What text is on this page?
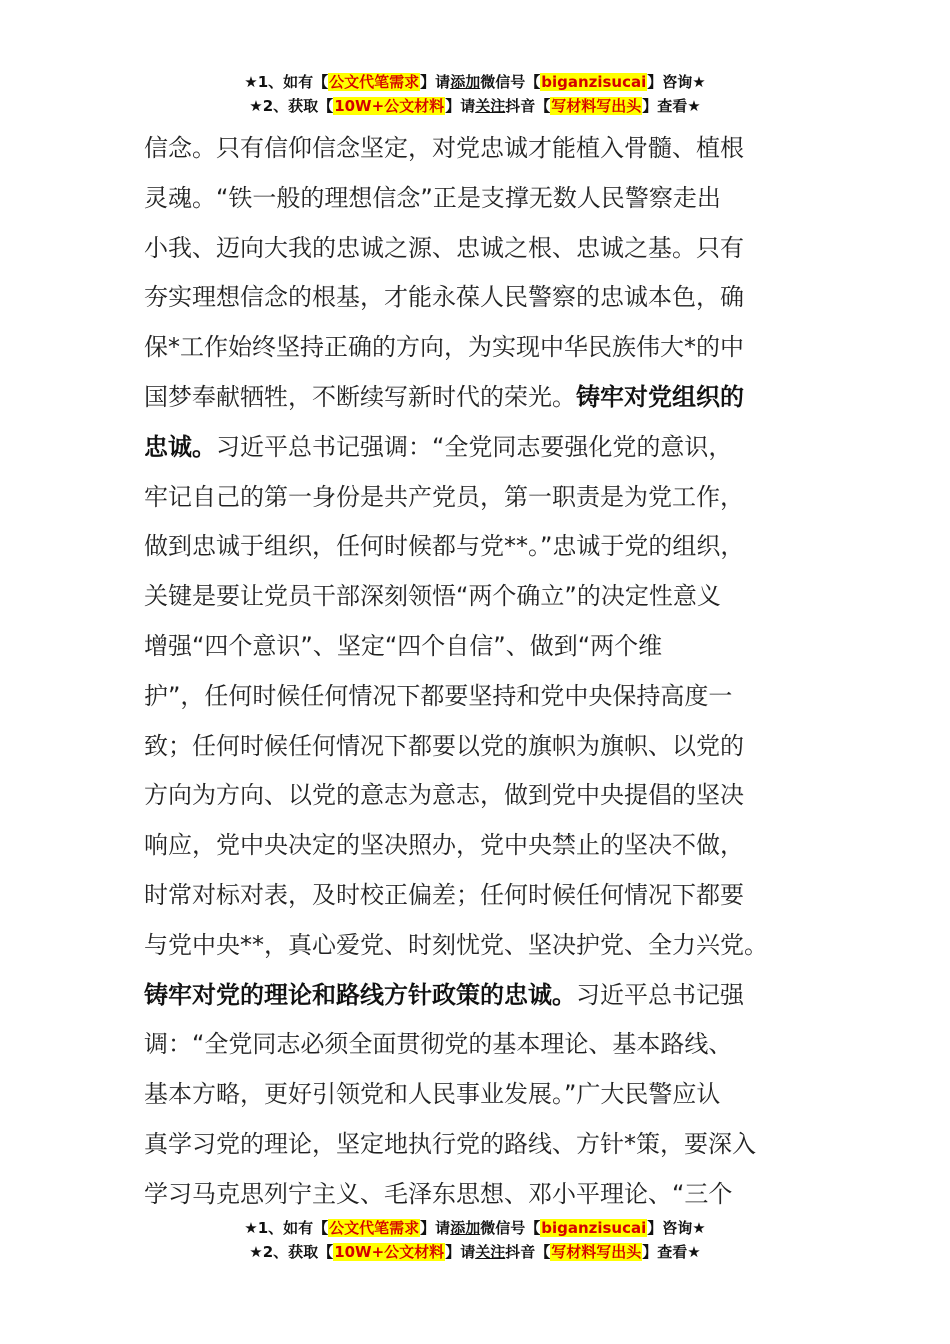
★1、如有【公文代笔需求】请添加微信号【biganzisucai】咨询★
★2、获取【10W+公文材料】请关注抖音【写材料写出头】查看★
信念。只有信仰信念坚定，对党忠诚才能植入骨髓、植根
灵魂。“铁一般的理想信念”正是支撑无数人民警察走出
小我、迈向大我的忠诚之源、忠诚之根、忠诚之基。只有
夯实理想信念的根基，才能永葆人民警察的忠诚本色，确
保*工作始终坚持正确的方向，为实现中华民族伟大*的中
国梦奉献牺牲，不断续写新时代的荣光。铸牢对党组织的
忠诚。习近平总书记强调：“全党同志要强化党的意识，
牢记自己的第一身份是共产党员，第一职责是为党工作，
做到忠诚于组织，任何时候都与党**。”忠诚于党的组织，
关键是要让党员干部深刻领悟“两个确立”的决定性意义
增强“四个意识”、坚定“四个自信”、做到“两个维
护”，任何时候任何情况下都要坚持和党中央保持高度一
致；任何时候任何情况下都要以党的旗帜为旗帜、以党的
方向为方向、以党的意志为意志，做到党中央提倡的坚决
响应，党中央决定的坚决照办，党中央禁止的坚决不做，
时常对标对表，及时校正偏差；任何时候任何情况下都要
与党中央**，真心爱党、时刻忧党、坚决护党、全力兴党。
铸牢对党的理论和路线方针政策的忠诚。习近平总书记强
调：“全党同志必须全面贯彻党的基本理论、基本路线、
基本方略，更好引领党和人民事业发展。”广大民警应认
真学习党的理论，坚定地执行党的路线、方针*策，要深入
学习马克思列宁主义、毛泽东思想、邓小平理论、“三个
★1、如有【公文代笔需求】请添加微信号【biganzisucai】咨询★
★2、获取【10W+公文材料】请关注抖音【写材料写出头】查看★
